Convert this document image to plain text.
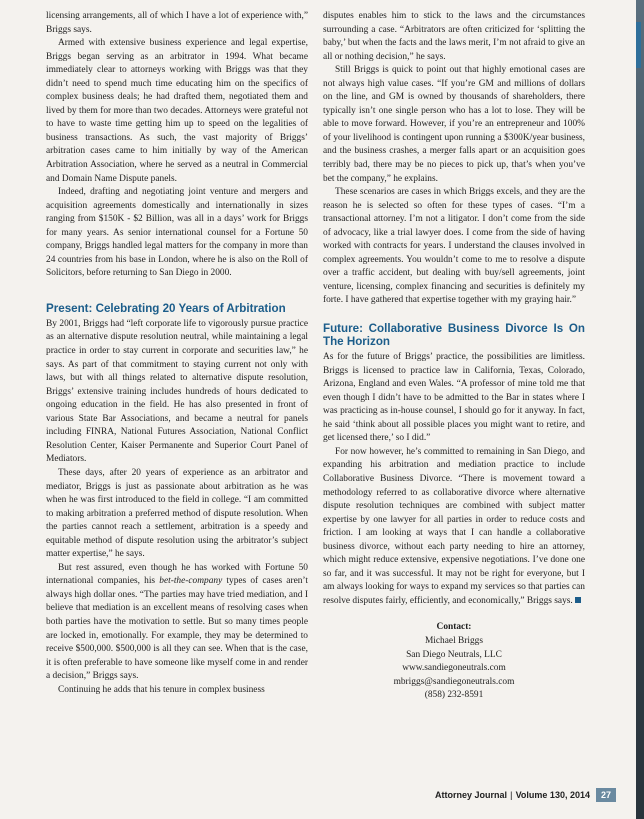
licensing arrangements, all of which I have a lot of experience with,” Briggs says.

Armed with extensive business experience and legal expertise, Briggs began serving as an arbitrator in 1994. What became immediately clear to attorneys working with Briggs was that they didn’t need to spend much time educating him on the specifics of complex business deals; he had drafted them, negotiated them and lived by them for more than two decades. Attorneys were grateful not to have to waste time getting him up to speed on the legalities of business transactions. As such, the vast majority of Briggs’ arbitration cases came to him initially by way of the American Arbitration Association, where he served as a neutral in Commercial and Domain Name Dispute panels.

Indeed, drafting and negotiating joint venture and mergers and acquisition agreements domestically and internationally in sizes ranging from $150K - $2 Billion, was all in a days’ work for Briggs for many years. As senior international counsel for a Fortune 50 company, Briggs handled legal matters for the company in more than 24 countries from his base in London, where he is also on the Roll of Solicitors, before returning to San Diego in 2000.

Present: Celebrating 20 Years of Arbitration

By 2001, Briggs had “left corporate life to vigorously pursue practice as an alternative dispute resolution neutral, while maintaining a legal practice in order to stay current in corporate and securities law,” he says. As part of that commitment to staying current not only with laws, but with all things related to alternative dispute resolution, Briggs’ extensive training includes hundreds of hours dedicated to ongoing education in the field. He has also presented in front of various State Bar Associations, and became a neutral for panels including FINRA, National Futures Association, National Conflict Resolution Center, Kaiser Permanente and Superior Court Panel of Mediators.

These days, after 20 years of experience as an arbitrator and mediator, Briggs is just as passionate about arbitration as he was when he was first introduced to the field in college. “I am committed to making arbitration a preferred method of dispute resolution. When the parties cannot reach a settlement, arbitration is a speedy and equitable method of dispute resolution using the arbitrator’s subject matter expertise,” he says.

But rest assured, even though he has worked with Fortune 50 international companies, his bet-the-company types of cases aren’t always high dollar ones. “The parties may have tried mediation, and I believe that mediation is an excellent means of resolving cases when both parties have the motivation to settle. But so many times people are locked in, emotionally. For example, they may be determined to receive $500,000. $500,000 is all they can see. When that is the case, it is often preferable to have someone like myself come in and render a decision,” Briggs says.

Continuing he adds that his tenure in complex business

disputes enables him to stick to the laws and the circumstances surrounding a case. “Arbitrators are often criticized for ‘splitting the baby,’ but when the facts and the laws merit, I’m not afraid to give an all or nothing decision,” he says.

Still Briggs is quick to point out that highly emotional cases are not always high value cases. “If you’re GM and millions of dollars on the line, and GM is owned by thousands of shareholders, there typically isn’t one single person who has a lot to lose. They will be able to move forward. However, if you’re an entrepreneur and 100% of your livelihood is contingent upon running a $300K/year business, and the business crashes, a merger falls apart or an acquisition goes terribly bad, there may be no pieces to pick up, that’s when you’ve bet the company,” he explains.

These scenarios are cases in which Briggs excels, and they are the reason he is selected so often for these types of cases. “I’m a transactional attorney. I’m not a litigator. I don’t come from the side of advocacy, like a trial lawyer does. I come from the side of having worked with contracts for years. I understand the clauses involved in complex agreements. You wouldn’t come to me to resolve a dispute over a traffic accident, but dealing with buy/sell agreements, joint venture, licensing, complex financing and securities is definitely my forte. I have gathered that expertise together with my graying hair.”

Future: Collaborative Business Divorce Is On The Horizon

As for the future of Briggs’ practice, the possibilities are limitless. Briggs is licensed to practice law in California, Texas, Colorado, Arizona, England and even Wales. “A professor of mine told me that even though I didn’t have to be admitted to the Bar in states where I was practicing as in-house counsel, I should go for it anyway. In fact, he said ‘think about all possible places you might want to retire, and get licensed there,’ so I did.”

For now however, he’s committed to remaining in San Diego, and expanding his arbitration and mediation practice to include Collaborative Business Divorce. “There is movement toward a methodology referred to as collaborative divorce where alternative dispute resolution techniques are combined with subject matter expertise by one lawyer for all parties in order to reduce costs and friction. I am looking at ways that I can handle a collaborative business divorce, without each party needing to hire an attorney, which might reduce extensive, expensive negotiations. I’ve done one so far, and it was successful. It may not be right for everyone, but I am always looking for ways to expand my services so that parties can resolve disputes fairly, efficiently, and economically,” Briggs says.

Contact:
Michael Briggs
San Diego Neutrals, LLC
www.sandiegoneutrals.com
mbriggs@sandiegoneutrals.com
(858) 232-8591
Attorney Journal | Volume 130, 2014	27
